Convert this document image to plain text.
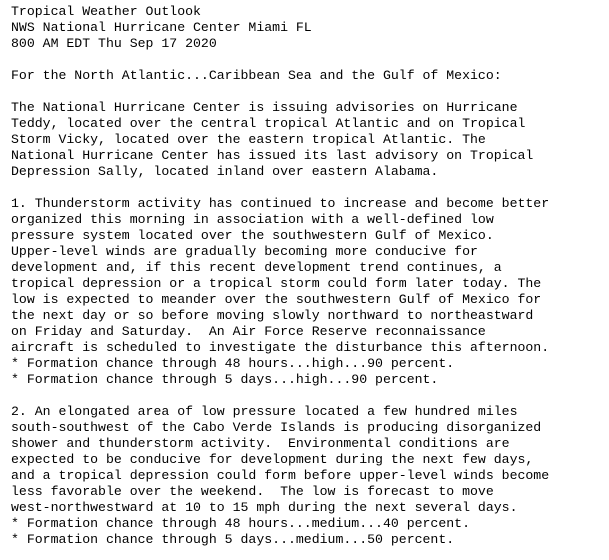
Tropical Weather Outlook
NWS National Hurricane Center Miami FL
800 AM EDT Thu Sep 17 2020
For the North Atlantic...Caribbean Sea and the Gulf of Mexico:
The National Hurricane Center is issuing advisories on Hurricane
Teddy, located over the central tropical Atlantic and on Tropical
Storm Vicky, located over the eastern tropical Atlantic. The
National Hurricane Center has issued its last advisory on Tropical
Depression Sally, located inland over eastern Alabama.
1. Thunderstorm activity has continued to increase and become better
organized this morning in association with a well-defined low
pressure system located over the southwestern Gulf of Mexico.
Upper-level winds are gradually becoming more conducive for
development and, if this recent development trend continues, a
tropical depression or a tropical storm could form later today. The
low is expected to meander over the southwestern Gulf of Mexico for
the next day or so before moving slowly northward to northeastward
on Friday and Saturday.  An Air Force Reserve reconnaissance
aircraft is scheduled to investigate the disturbance this afternoon.
* Formation chance through 48 hours...high...90 percent.
* Formation chance through 5 days...high...90 percent.
2. An elongated area of low pressure located a few hundred miles
south-southwest of the Cabo Verde Islands is producing disorganized
shower and thunderstorm activity.  Environmental conditions are
expected to be conducive for development during the next few days,
and a tropical depression could form before upper-level winds become
less favorable over the weekend.  The low is forecast to move
west-northwestward at 10 to 15 mph during the next several days.
* Formation chance through 48 hours...medium...40 percent.
* Formation chance through 5 days...medium...50 percent.
